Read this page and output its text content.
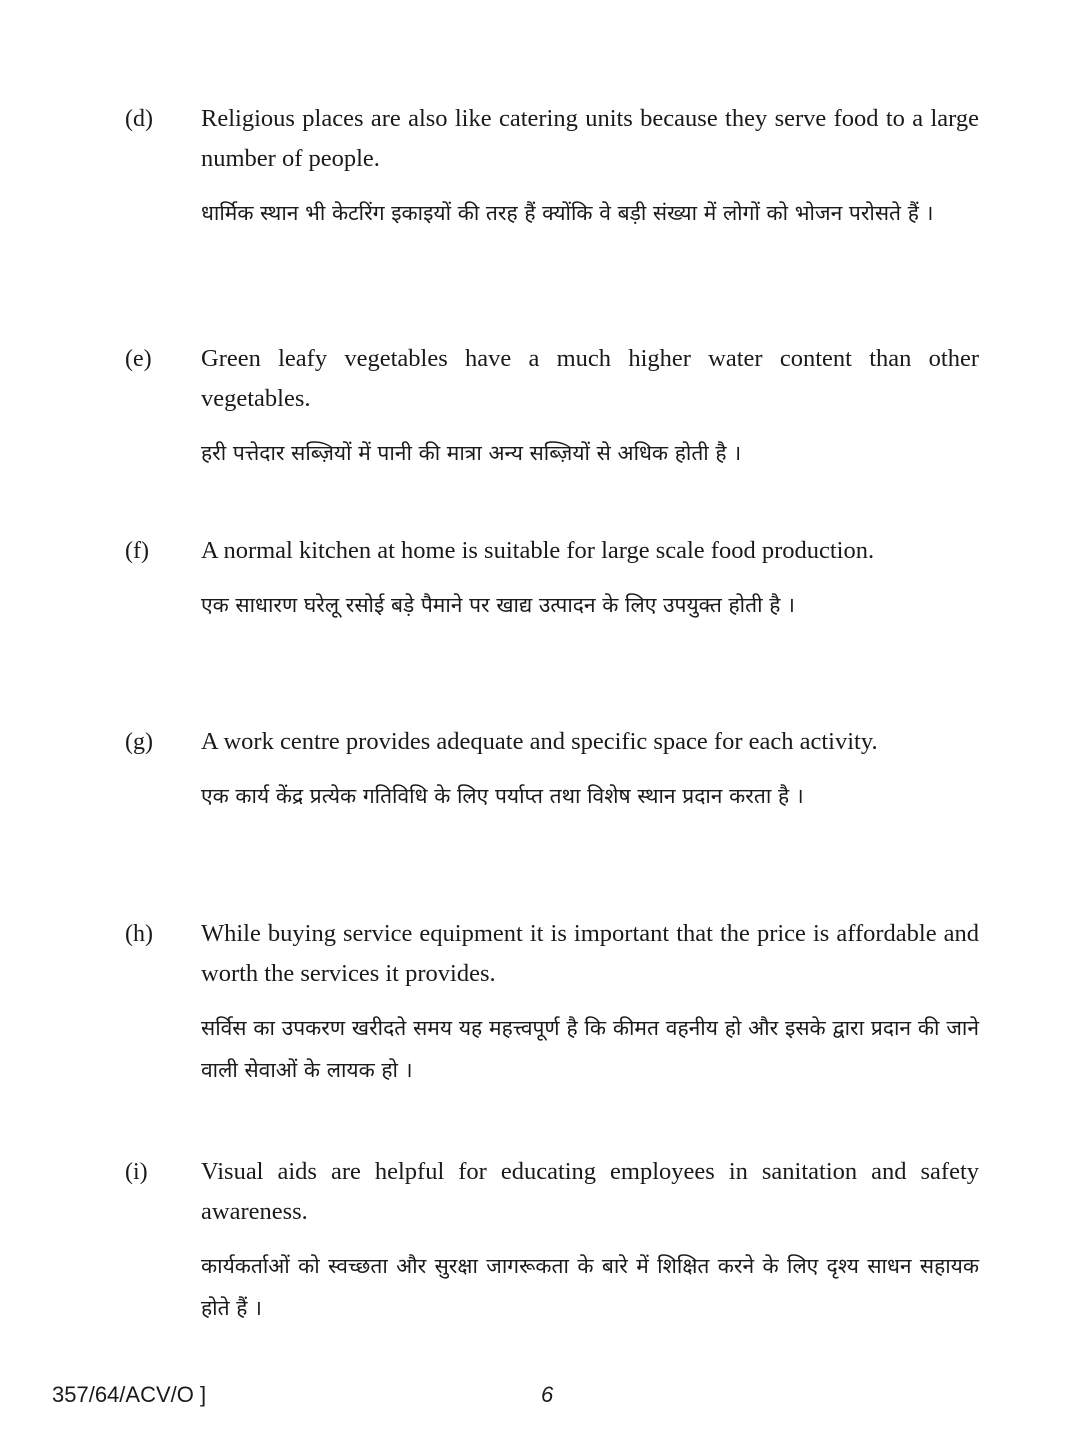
(d) Religious places are also like catering units because they serve food to a large number of people.

धार्मिक स्थान भी केटरिंग इकाइयों की तरह हैं क्योंकि वे बड़ी संख्या में लोगों को भोजन परोसते हैं ।

(e) Green leafy vegetables have a much higher water content than other vegetables.

हरी पत्तेदार सब्ज़ियों में पानी की मात्रा अन्य सब्ज़ियों से अधिक होती है ।

(f) A normal kitchen at home is suitable for large scale food production.

एक साधारण घरेलू रसोई बड़े पैमाने पर खाद्य उत्पादन के लिए उपयुक्त होती है ।

(g) A work centre provides adequate and specific space for each activity.

एक कार्य केंद्र प्रत्येक गतिविधि के लिए पर्याप्त तथा विशेष स्थान प्रदान करता है ।

(h) While buying service equipment it is important that the price is affordable and worth the services it provides.

सर्विस का उपकरण खरीदते समय यह महत्त्वपूर्ण है कि कीमत वहनीय हो और इसके द्वारा प्रदान की जाने वाली सेवाओं के लायक हो ।

(i) Visual aids are helpful for educating employees in sanitation and safety awareness.

कार्यकर्ताओं को स्वच्छता और सुरक्षा जागरूकता के बारे में शिक्षित करने के लिए दृश्य साधन सहायक होते हैं ।

357/64/ACV/O ]	6
